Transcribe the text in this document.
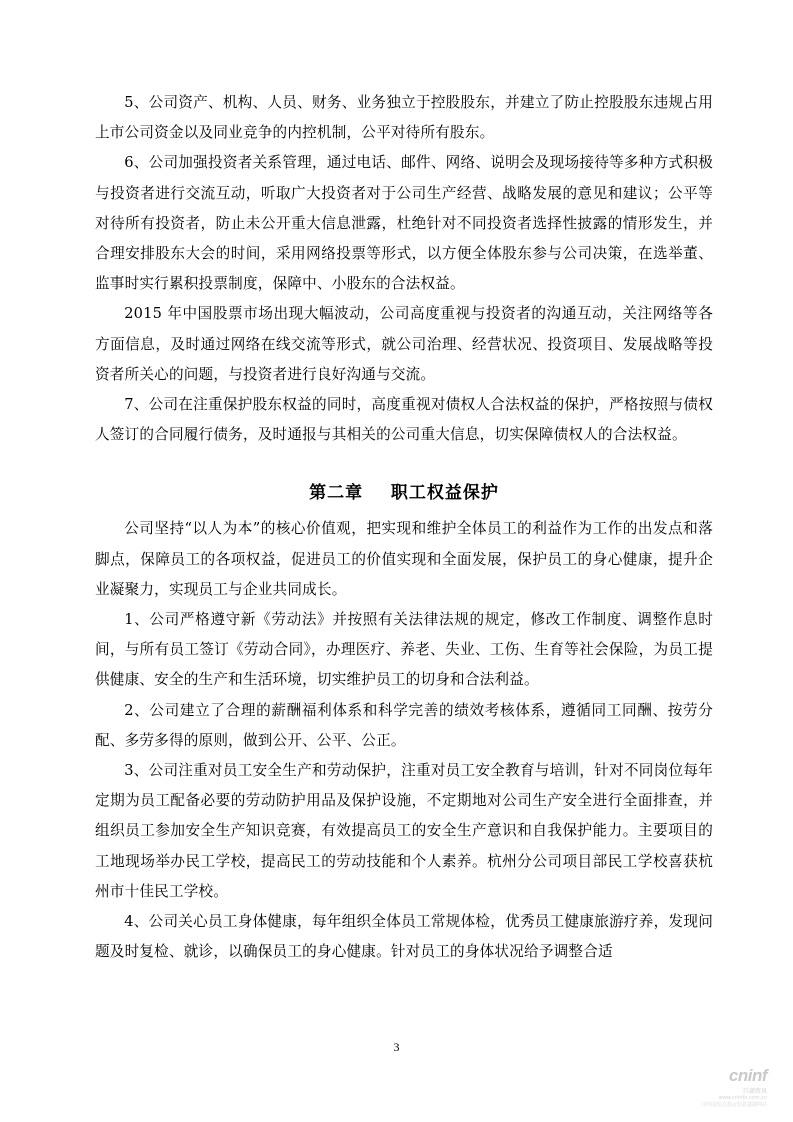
5、公司资产、机构、人员、财务、业务独立于控股股东，并建立了防止控股股东违规占用上市公司资金以及同业竞争的内控机制，公平对待所有股东。

6、公司加强投资者关系管理，通过电话、邮件、网络、说明会及现场接待等多种方式积极与投资者进行交流互动，听取广大投资者对于公司生产经营、战略发展的意见和建议；公平等对待所有投资者，防止未公开重大信息泄露，杜绝针对不同投资者选择性披露的情形发生，并合理安排股东大会的时间，采用网络投票等形式，以方便全体股东参与公司决策，在选举董、监事时实行累积投票制度，保障中、小股东的合法权益。

2015 年中国股票市场出现大幅波动，公司高度重视与投资者的沟通互动，关注网络等各方面信息，及时通过网络在线交流等形式，就公司治理、经营状况、投资项目、发展战略等投资者所关心的问题，与投资者进行良好沟通与交流。

7、公司在注重保护股东权益的同时，高度重视对债权人合法权益的保护，严格按照与债权人签订的合同履行债务，及时通报与其相关的公司重大信息，切实保障债权人的合法权益。

第二章    职工权益保护

公司坚持“以人为本”的核心价值观，把实现和维护全体员工的利益作为工作的出发点和落脚点，保障员工的各项权益，促进员工的价值实现和全面发展，保护员工的身心健康，提升企业凝聚力，实现员工与企业共同成长。

1、公司严格遵守新《劳动法》并按照有关法律法规的规定，修改工作制度、调整作息时间，与所有员工签订《劳动合同》，办理医疗、养老、失业、工伤、生育等社会保险，为员工提供健康、安全的生产和生活环境，切实维护员工的切身和合法利益。

2、公司建立了合理的薪酬福利体系和科学完善的绩效考核体系，遵循同工同酬、按劳分配、多劳多得的原则，做到公开、公平、公正。

3、公司注重对员工安全生产和劳动保护，注重对员工安全教育与培训，针对不同岗位每年定期为员工配备必要的劳动防护用品及保护设施，不定期地对公司生产安全进行全面排查，并组织员工参加安全生产知识竞赛，有效提高员工的安全生产意识和自我保护能力。主要项目的工地现场举办民工学校，提高民工的劳动技能和个人素养。杭州分公司项目部民工学校喜获杭州市十佳民工学校。

4、公司关心员工身体健康，每年组织全体员工常规体检，优秀员工健康旅游疗养，发现问题及时复检、就诊，以确保员工的身心健康。针对员工的身体状况给予调整合适

3
cninf
巨潮资讯
www.cninfo.com.cn
中国证监会指定信息披露网站
